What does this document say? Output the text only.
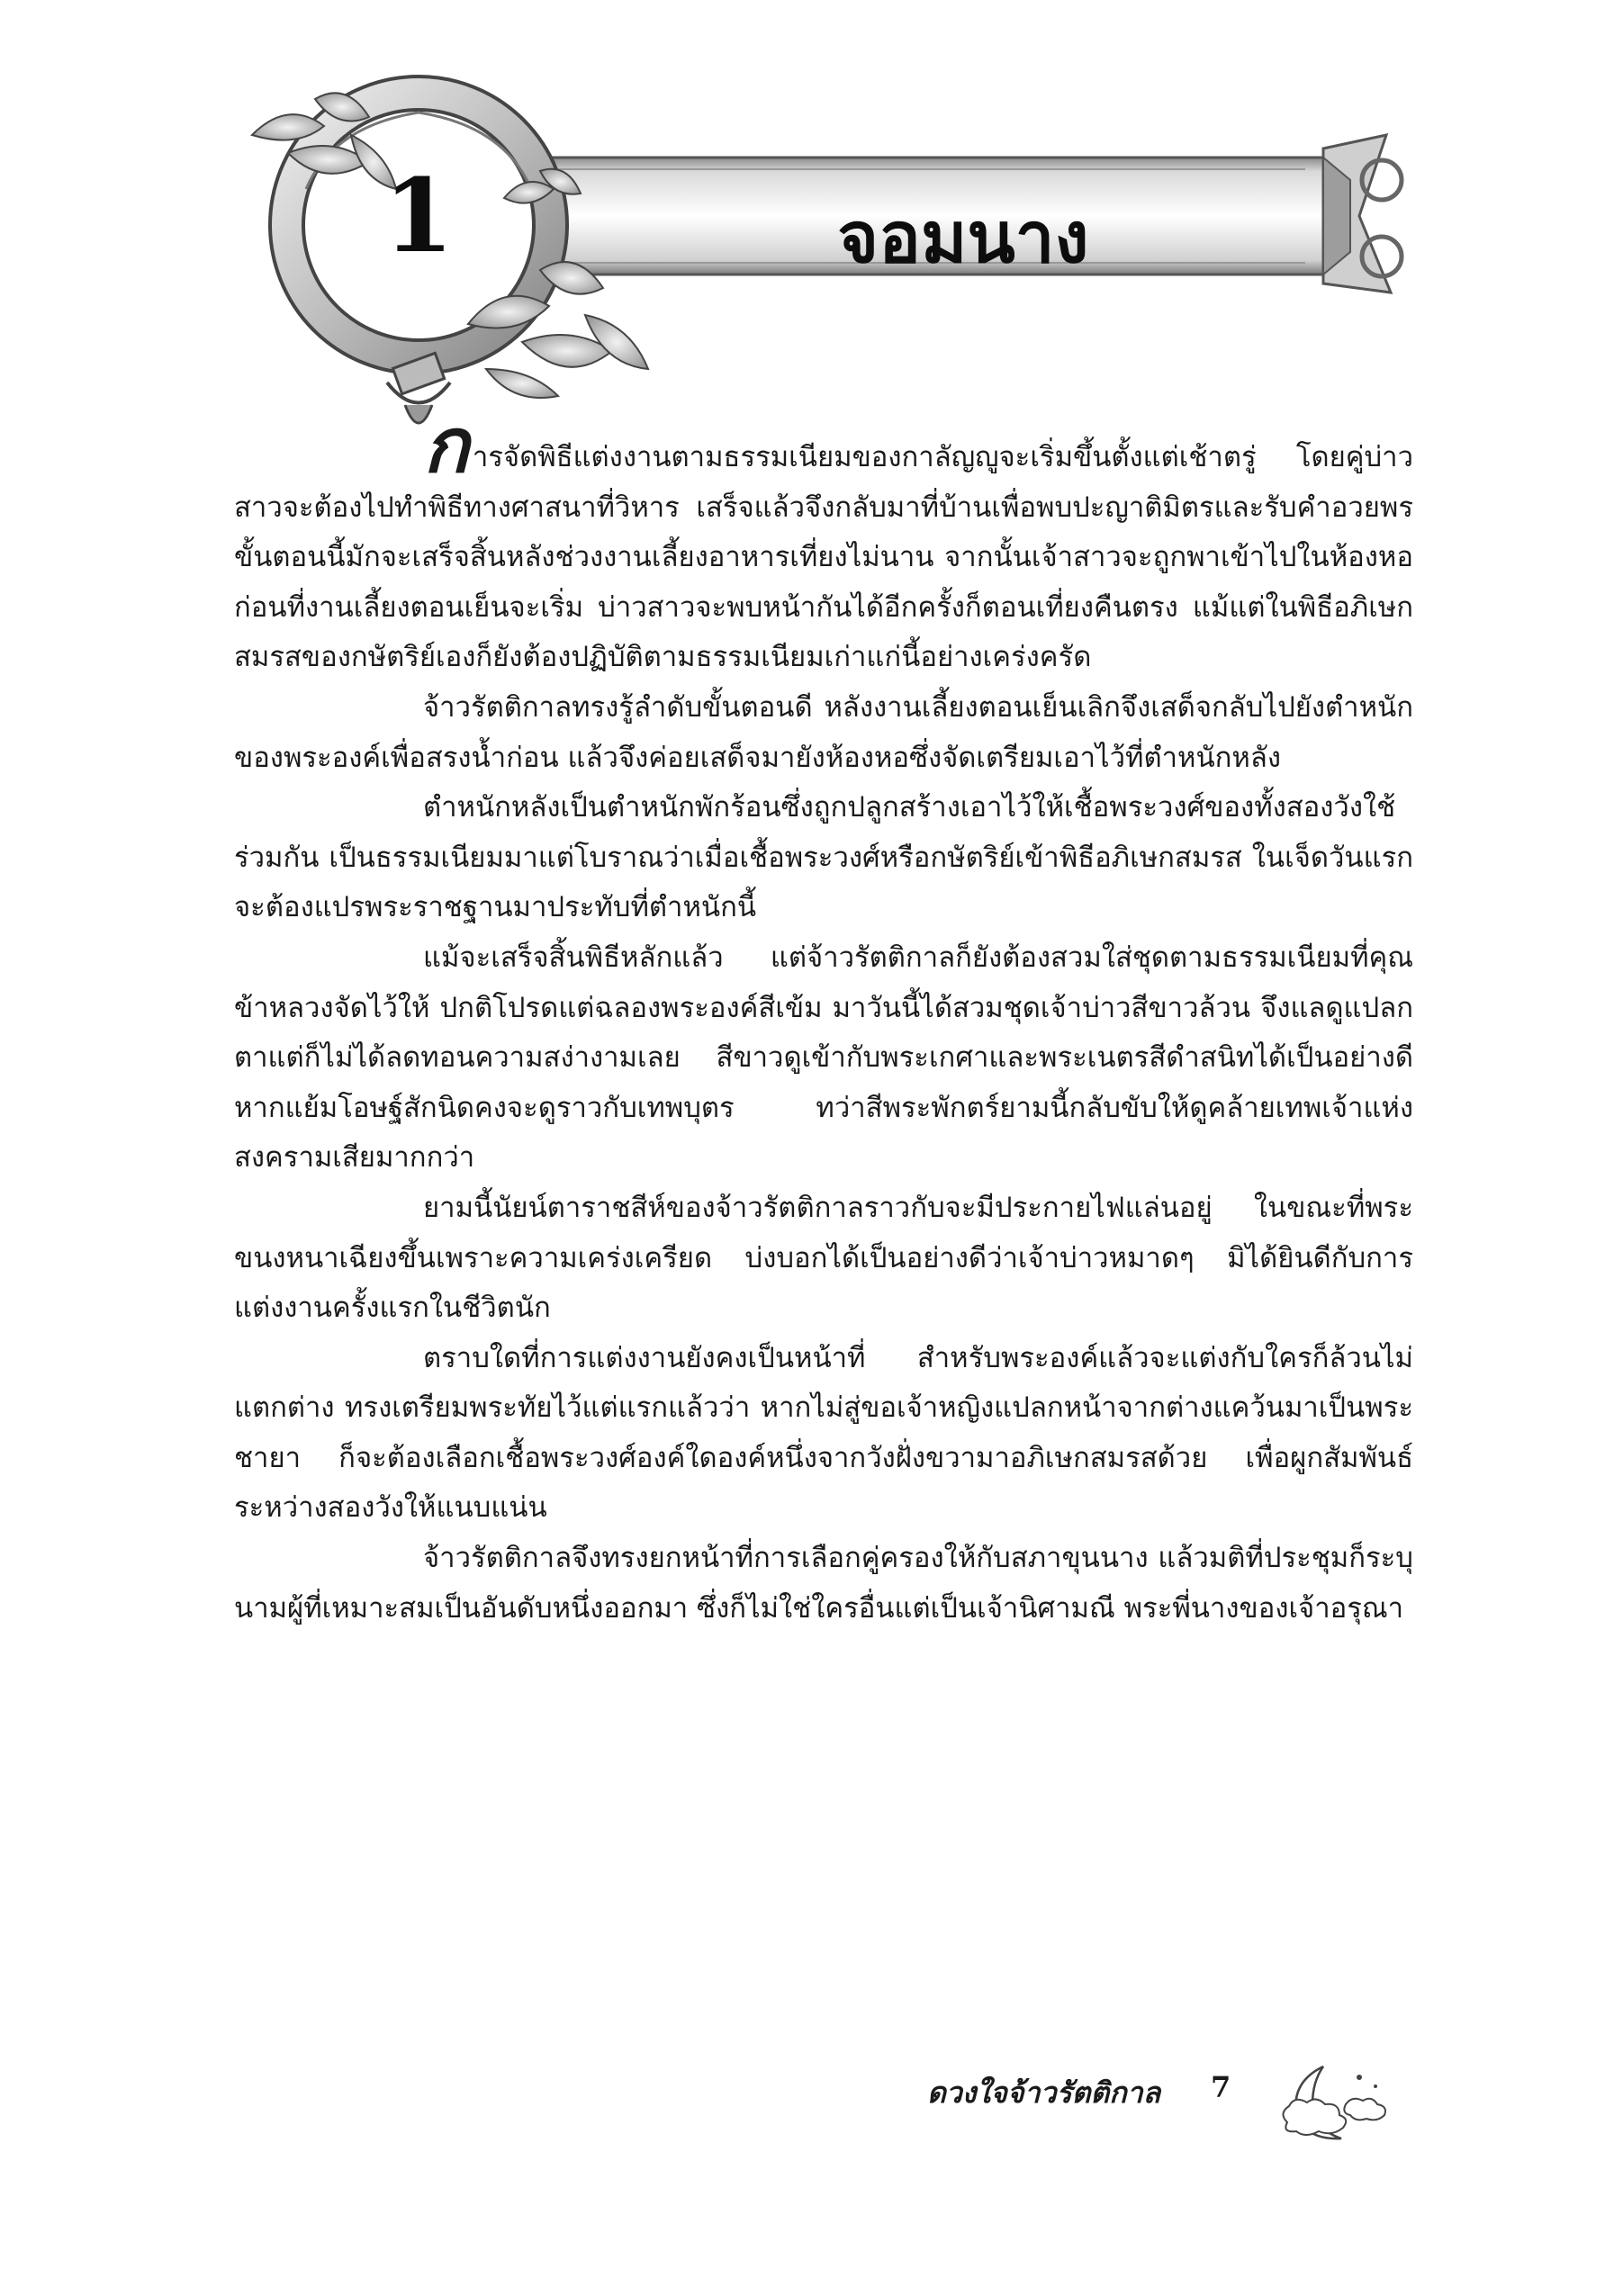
1	จอมนาง

การจัดพิธีแต่งงานตามธรรมเนียมของกาลัญญูจะเริ่มขึ้นตั้งแต่เช้าตรู่ โดยคู่บ่าวสาวจะต้องไปทำพิธีทางศาสนาที่วิหาร เสร็จแล้วจึงกลับมาที่บ้านเพื่อพบปะญาติมิตรและรับคำอวยพร ขั้นตอนนี้มักจะเสร็จสิ้นหลังช่วงงานเลี้ยงอาหารเที่ยงไม่นาน จากนั้นเจ้าสาวจะถูกพาเข้าไปในห้องหอก่อนที่งานเลี้ยงตอนเย็นจะเริ่ม บ่าวสาวจะพบหน้ากันได้อีกครั้งก็ตอนเที่ยงคืนตรง แม้แต่ในพิธีอภิเษกสมรสของกษัตริย์เองก็ยังต้องปฏิบัติตามธรรมเนียมเก่าแก่นี้อย่างเคร่งครัด

จ้าวรัตติกาลทรงรู้ลำดับขั้นตอนดี หลังงานเลี้ยงตอนเย็นเลิกจึงเสด็จกลับไปยังตำหนักของพระองค์เพื่อสรงน้ำก่อน แล้วจึงค่อยเสด็จมายังห้องหอซึ่งจัดเตรียมเอาไว้ที่ตำหนักหลัง

ตำหนักหลังเป็นตำหนักพักร้อนซึ่งถูกปลูกสร้างเอาไว้ให้เชื้อพระวงศ์ของทั้งสองวังใช้ร่วมกัน เป็นธรรมเนียมมาแต่โบราณว่าเมื่อเชื้อพระวงศ์หรือกษัตริย์เข้าพิธีอภิเษกสมรส ในเจ็ดวันแรกจะต้องแปรพระราชฐานมาประทับที่ตำหนักนี้

แม้จะเสร็จสิ้นพิธีหลักแล้ว แต่จ้าวรัตติกาลก็ยังต้องสวมใส่ชุดตามธรรมเนียมที่คุณข้าหลวงจัดไว้ให้ ปกติโปรดแต่ฉลองพระองค์สีเข้ม มาวันนี้ได้สวมชุดเจ้าบ่าวสีขาวล้วน จึงแลดูแปลกตาแต่ก็ไม่ได้ลดทอนความสง่างามเลย สีขาวดูเข้ากับพระเกศาและพระเนตรสีดำสนิทได้เป็นอย่างดี หากแย้มโอษฐ์สักนิดคงจะดูราวกับเทพบุตร ทว่าสีพระพักตร์ยามนี้กลับขับให้ดูคล้ายเทพเจ้าแห่งสงครามเสียมากกว่า

ยามนี้นัยน์ตาราชสีห์ของจ้าวรัตติกาลราวกับจะมีประกายไฟแล่นอยู่ ในขณะที่พระขนงหนาเฉียงขึ้นเพราะความเคร่งเครียด บ่งบอกได้เป็นอย่างดีว่าเจ้าบ่าวหมาดๆ มิได้ยินดีกับการแต่งงานครั้งแรกในชีวิตนัก

ตราบใดที่การแต่งงานยังคงเป็นหน้าที่ สำหรับพระองค์แล้วจะแต่งกับใครก็ล้วนไม่แตกต่าง ทรงเตรียมพระทัยไว้แต่แรกแล้วว่า หากไม่สู่ขอเจ้าหญิงแปลกหน้าจากต่างแคว้นมาเป็นพระชายา ก็จะต้องเลือกเชื้อพระวงศ์องค์ใดองค์หนึ่งจากวังฝั่งขวามาอภิเษกสมรสด้วย เพื่อผูกสัมพันธ์ระหว่างสองวังให้แนบแน่น

จ้าวรัตติกาลจึงทรงยกหน้าที่การเลือกคู่ครองให้กับสภาขุนนาง แล้วมติที่ประชุมก็ระบุนามผู้ที่เหมาะสมเป็นอันดับหนึ่งออกมา ซึ่งก็ไม่ใช่ใครอื่นแต่เป็นเจ้านิศามณี พระพี่นางของเจ้าอรุณา

ดวงใจจ้าวรัตติกาล 7
